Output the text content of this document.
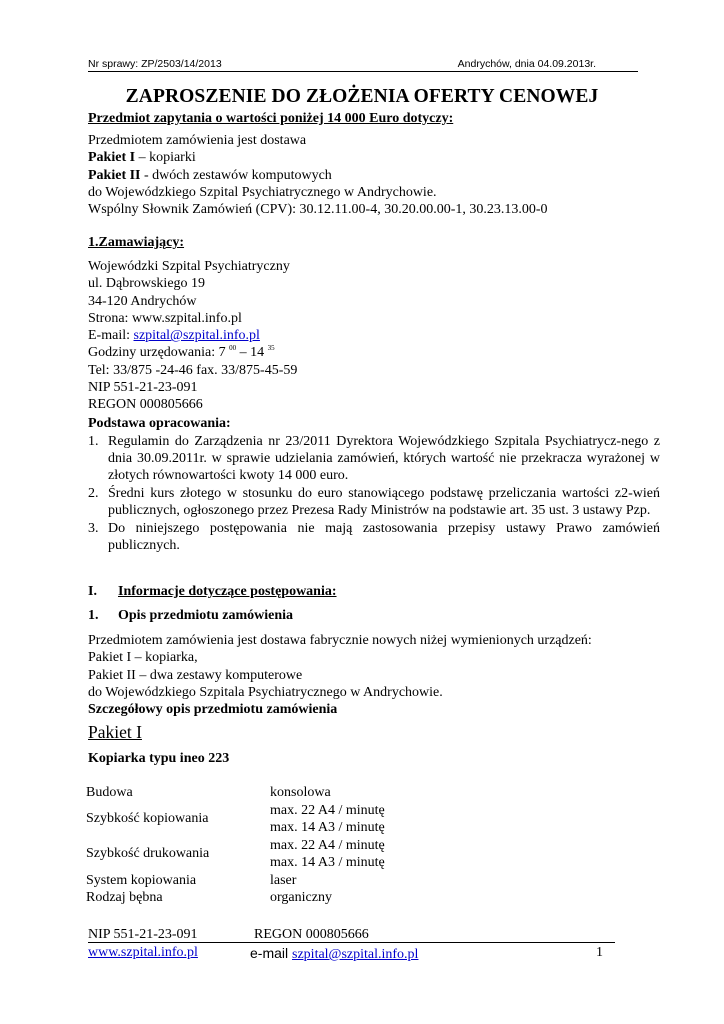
Nr sprawy: ZP/2503/14/2013	Andrychów, dnia 04.09.2013r.
ZAPROSZENIE DO ZŁOŻENIA OFERTY CENOWEJ
Przedmiot zapytania o wartości poniżej 14 000 Euro dotyczy:
Przedmiotem zamówienia jest dostawa
Pakiet I – kopiarki
Pakiet II - dwóch zestawów komputowych
do Wojewódzkiego Szpital Psychiatrycznego w Andrychowie.
Wspólny Słownik Zamówień (CPV): 30.12.11.00-4, 30.20.00.00-1, 30.23.13.00-0
1.Zamawiający:
Wojewódzki Szpital Psychiatryczny
ul. Dąbrowskiego 19
34-120 Andrychów
Strona: www.szpital.info.pl
E-mail: szpital@szpital.info.pl
Godziny urzędowania: 7 $^{00}$ – 14 $^{35}$
Tel: 33/875 -24-46 fax. 33/875-45-59
NIP 551-21-23-091
REGON 000805666
Podstawa opracowania:
1. Regulamin do Zarządzenia nr 23/2011 Dyrektora Wojewódzkiego Szpitala Psychiatrycz-nego z dnia 30.09.2011r. w sprawie udzielania zamówień, których wartość nie przekracza wyrażonej w złotych równowartości kwoty 14 000 euro.
2. Średni kurs złotego w stosunku do euro stanowiącego podstawę przeliczania wartości z2-wień publicznych, ogłoszonego przez Prezesa Rady Ministrów na podstawie art. 35 ust. 3 ustawy Pzp.
3. Do niniejszego postępowania nie mają zastosowania przepisy ustawy Prawo zamówień publicznych.
I. Informacje dotyczące postępowania:
1. Opis przedmiotu zamówienia
Przedmiotem zamówienia jest dostawa fabrycznie nowych niżej wymienionych urządzeń:
Pakiet I – kopiarka,
Pakiet II – dwa zestawy komputerowe
do Wojewódzkiego Szpitala Psychiatrycznego w Andrychowie.
Szczegółowy opis przedmiotu zamówienia
Pakiet I
Kopiarka typu ineo 223
Budowa	konsolowa

Szybkość kopiowania	max. 22 A4 / minutę
max. 14 A3 / minutę

Szybkość drukowania	max. 22 A4 / minutę
max. 14 A3 / minutę

System kopiowania	laser

Rodzaj bębna	organiczny
NIP 551-21-23-091	REGON 000805666
www.szpital.info.pl	e-mail szpital@szpital.info.pl	1
